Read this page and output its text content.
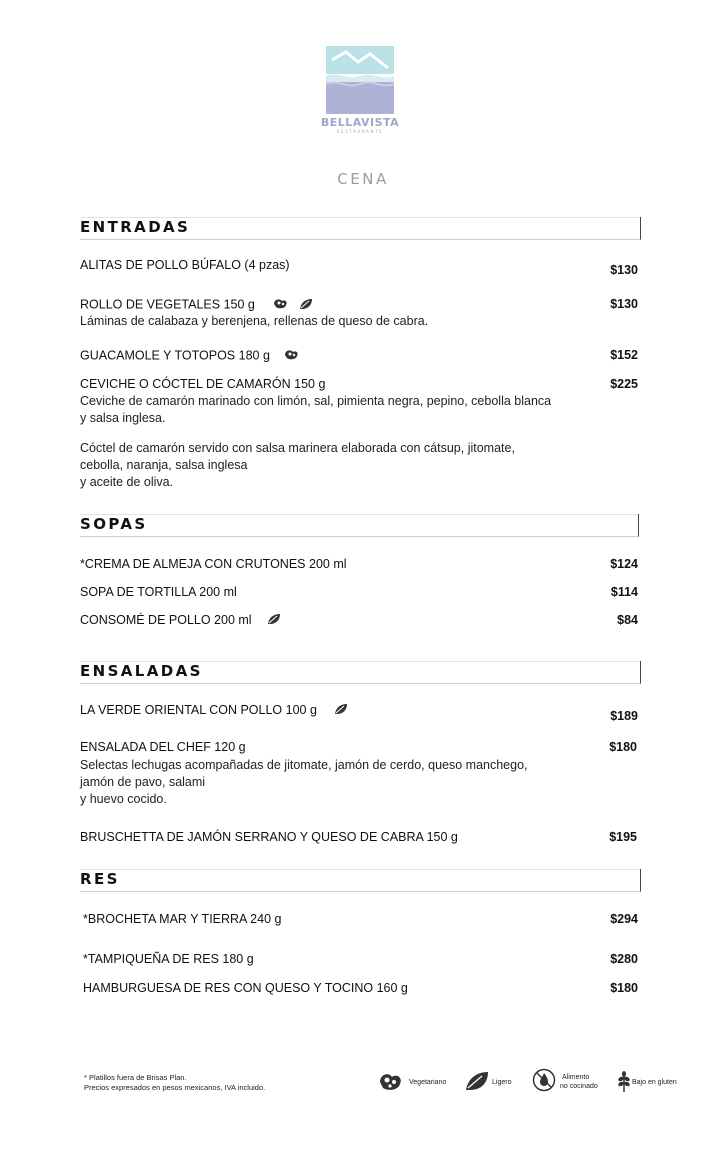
BELLAVISTA
RESTAURANTE
CENA
ENTRADAS
ALITAS DE POLLO BÚFALO (4 pzas)	$130
ROLLO DE VEGETALES 150 g	$130
Láminas de calabaza y berenjena, rellenas de queso de cabra.
GUACAMOLE Y TOTOPOS 180 g	$152
CEVICHE O CÓCTEL DE CAMARÓN 150 g	$225
Ceviche de camarón marinado con limón, sal, pimienta negra, pepino, cebolla blanca
y salsa inglesa.
Cóctel de camarón servido con salsa marinera elaborada con cátsup, jitomate,
cebolla, naranja, salsa inglesa
y aceite de oliva.
SOPAS
*CREMA DE ALMEJA CON CRUTONES 200 ml	$124
SOPA DE TORTILLA 200 ml	$114
CONSOMÉ DE POLLO 200 ml	$84
ENSALADAS
LA VERDE ORIENTAL CON POLLO 100 g	$189
ENSALADA DEL CHEF 120 g	$180
Selectas lechugas acompañadas de jitomate, jamón de cerdo, queso manchego,
jamón de pavo, salami
y huevo cocido.
BRUSCHETTA DE JAMÓN SERRANO Y QUESO DE CABRA 150 g	$195
RES
*BROCHETA MAR Y TIERRA 240 g	$294
*TAMPIQUEÑA DE RES 180 g	$280
HAMBURGUESA DE RES CON QUESO Y TOCINO 160 g	$180
* Platillos fuera de Brisas Plan.
Precios expresados en pesos mexicanos, IVA incluido.
Vegetariano	Ligero
Alimento
no cocinado
Bajo en gluten
